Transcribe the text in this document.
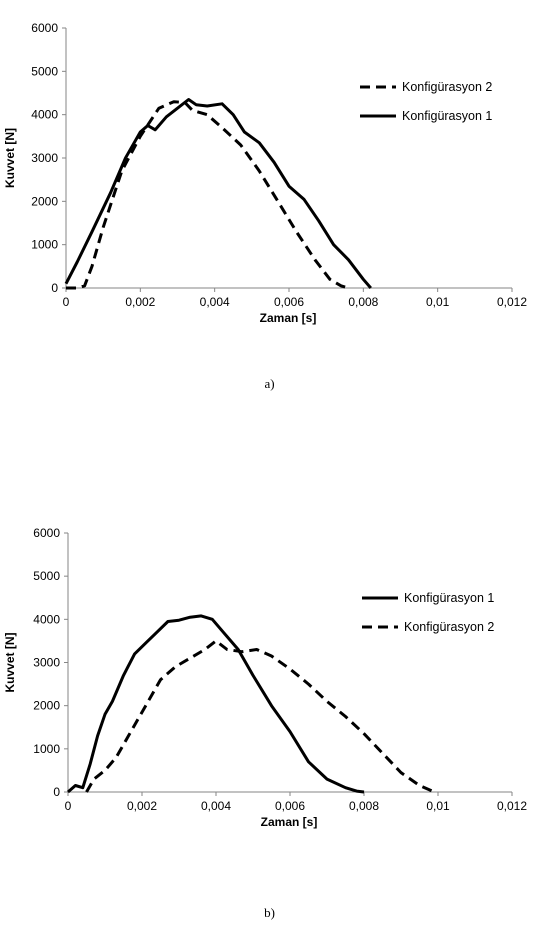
0
1000
2000
3000
4000
5000
6000
0	0,002	0,004	0,006	0,008	0,01	0,012
Zaman [s]
Kuvvet [N]
Konfigürasyon 2
Konfigürasyon 1
a)
0
1000
2000
3000
4000
5000
6000
0	0,002	0,004	0,006	0,008	0,01	0,012
Zaman [s]
Kuvvet [N]
Konfigürasyon 1
Konfigürasyon 2
b)
